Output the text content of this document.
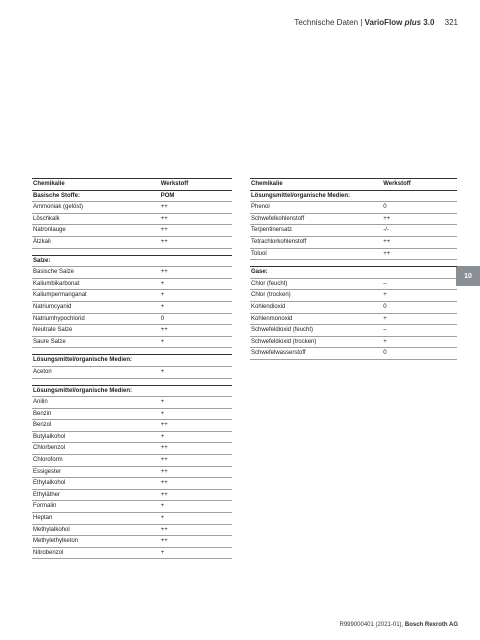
Technische Daten | VarioFlow plus 3.0 321
10
Chemikalie	Werkstoff
Basische Stoffe:	POM
Ammoniak (gelöst)	++
Löschkalk	++
Natronlauge	++
Ätzkali	++
Salze:
Basische Salze	++
Kaliumbikarbonat	+
Kaliumpermanganat	+
Natriumcyanid	+
Natriumhypochlorid	0
Neutrale Salze	++
Saure Salze	+
Lösungsmittel/organische Medien:
Aceton	+
Lösungsmittel/organische Medien:
Anilin	+
Benzin	+
Benzol	++
Butylalkohol	+
Chlorbenzol	++
Chloroform	++
Essigester	++
Ethylalkohol	++
Ethyläther	++
Formalin	+
Heptan	+
Methylalkohol	++
Methylethylketon	++
Nitrobenzol	+
Chemikalie	Werkstoff
Lösungsmittel/organische Medien:
Phenol	0
Schwefelkohlenstoff	++
Terpentinersatz	-/-
Tetrachlorkohlenstoff	++
Toluol	++
Gase:
Chlor (feucht)	–
Chlor (trocken)	+
Kohlendioxid	0
Kohlenmonoxid	+
Schwefeldioxid (feucht)	–
Schwefeldioxid (trocken)	+
Schwefelwasserstoff	0
R999000401 (2021-01), Bosch Rexroth AG
